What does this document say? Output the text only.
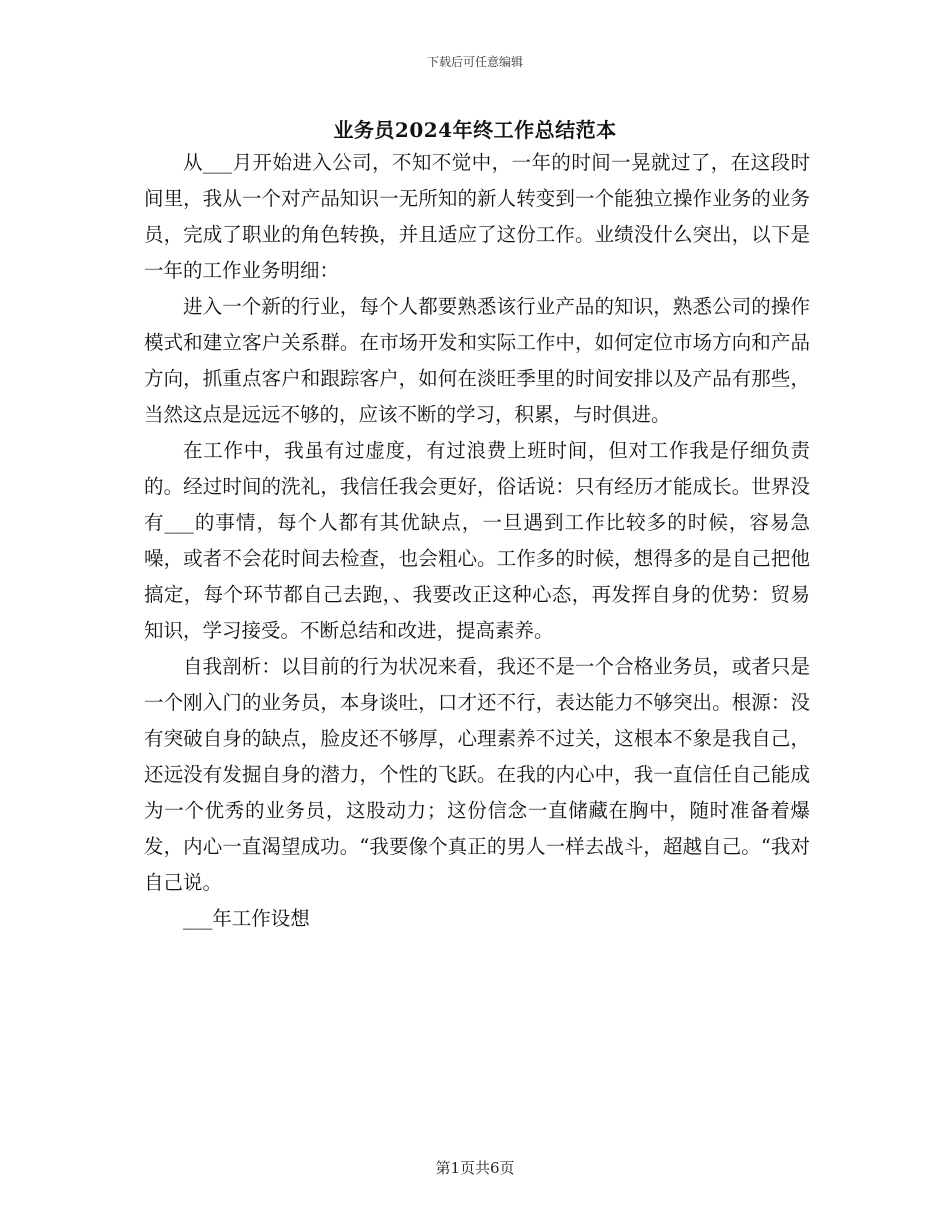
下载后可任意编辑
业务员2024年终工作总结范本

从___月开始进入公司，不知不觉中，一年的时间一晃就过了，在这段时间里，我从一个对产品知识一无所知的新人转变到一个能独立操作业务的业务员，完成了职业的角色转换，并且适应了这份工作。业绩没什么突出，以下是一年的工作业务明细：

进入一个新的行业，每个人都要熟悉该行业产品的知识，熟悉公司的操作模式和建立客户关系群。在市场开发和实际工作中，如何定位市场方向和产品方向，抓重点客户和跟踪客户，如何在淡旺季里的时间安排以及产品有那些，当然这点是远远不够的，应该不断的学习，积累，与时俱进。

在工作中，我虽有过虚度，有过浪费上班时间，但对工作我是仔细负责的。经过时间的洗礼，我信任我会更好，俗话说：只有经历才能成长。世界没有___的事情，每个人都有其优缺点，一旦遇到工作比较多的时候，容易急噪，或者不会花时间去检查，也会粗心。工作多的时候，想得多的是自己把他搞定，每个环节都自己去跑，、我要改正这种心态，再发挥自身的优势：贸易知识，学习接受。不断总结和改进，提高素养。

自我剖析：以目前的行为状况来看，我还不是一个合格业务员，或者只是一个刚入门的业务员，本身谈吐，口才还不行，表达能力不够突出。根源：没有突破自身的缺点，脸皮还不够厚，心理素养不过关，这根本不象是我自己，还远没有发掘自身的潜力，个性的飞跃。在我的内心中，我一直信任自己能成为一个优秀的业务员，这股动力；这份信念一直储藏在胸中，随时准备着爆发，内心一直渴望成功。“我要像个真正的男人一样去战斗，超越自己。“我对自己说。

___年工作设想

第1页共6页
